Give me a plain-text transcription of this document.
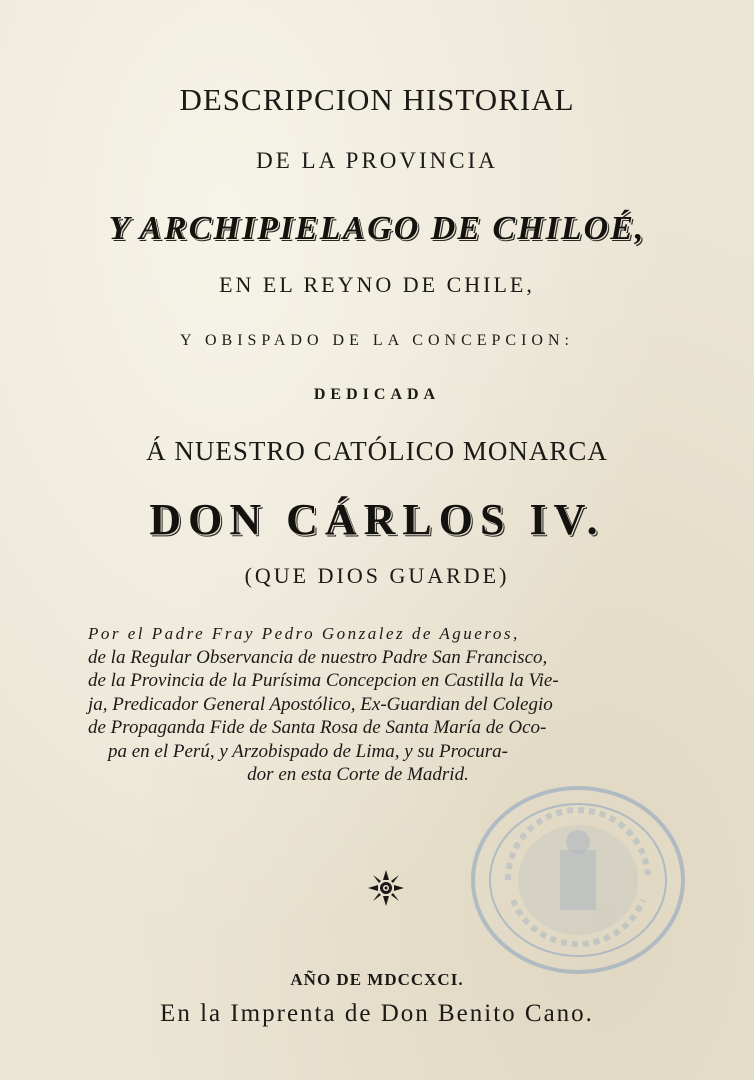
DESCRIPCION HISTORIAL
DE LA PROVINCIA
Y ARCHIPIELAGO DE CHILOÉ,
EN EL REYNO DE CHILE,
Y OBISPADO DE LA CONCEPCION:
DEDICADA
Á NUESTRO CATÓLICO MONARCA
DON CÁRLOS IV.
(QUE DIOS GUARDE)
Por el Padre Fray Pedro Gonzalez de Agueros,
de la Regular Observancia de nuestro Padre San Francisco,
de la Provincia de la Purísima Concepcion en Castilla la Vie-
ja, Predicador General Apostólico, Ex-Guardian del Colegio
de Propaganda Fide de Santa Rosa de Santa María de Oco-
pa en el Perú, y Arzobispado de Lima, y su Procura-
dor en esta Corte de Madrid.
AÑO DE MDCCXCI.
En la Imprenta de Don Benito Cano.
